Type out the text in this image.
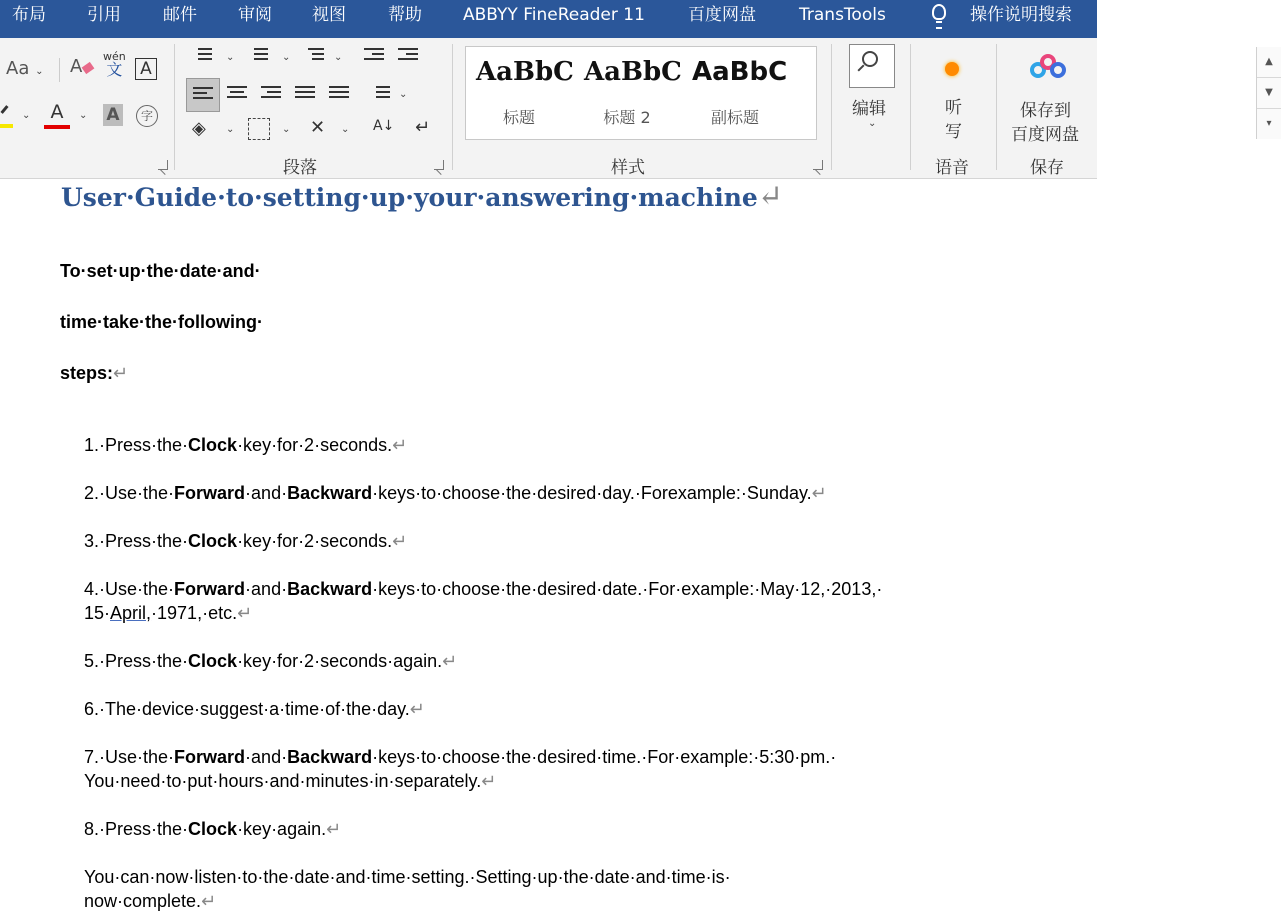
布局 引用 邮件 审阅 视图 帮助 ABBYY FineReader 11	百度网盘	TransTools	操作说明搜索
Aa ⌄ A	wén
文	A
⌄	A	⌄ A	字
⌄	⌄	⌄
⌄
◈ ⌄	⌄ ✕ ⌄ A↓ ↵
段落
AaBbC
标题
AaBbC
标题 2
AaBbC
副标题
▲
▼
▾
样式
编辑
⌄
听
写
语音
保存到
百度网盘
保存
User·Guide·to·setting·up·your·answering·machine↵
To·set·up·the·date·and·
time·take·the·following·
steps:↵
1.·Press·the·Clock·key·for·2·seconds.↵
2.·Use·the·Forward·and·Backward·keys·to·choose·the·desired·day.·Forexample:·Sunday.↵
3.·Press·the·Clock·key·for·2·seconds.↵
4.·Use·the·Forward·and·Backward·keys·to·choose·the·desired·date.·For·example:·May·12,·2013,·
15·April,·1971,·etc.↵
5.·Press·the·Clock·key·for·2·seconds·again.↵
6.·The·device·suggest·a·time·of·the·day.↵
7.·Use·the·Forward·and·Backward·keys·to·choose·the·desired·time.·For·example:·5:30·pm.·
You·need·to·put·hours·and·minutes·in·separately.↵
8.·Press·the·Clock·key·again.↵
You·can·now·listen·to·the·date·and·time·setting.·Setting·up·the·date·and·time·is·
now·complete.↵
